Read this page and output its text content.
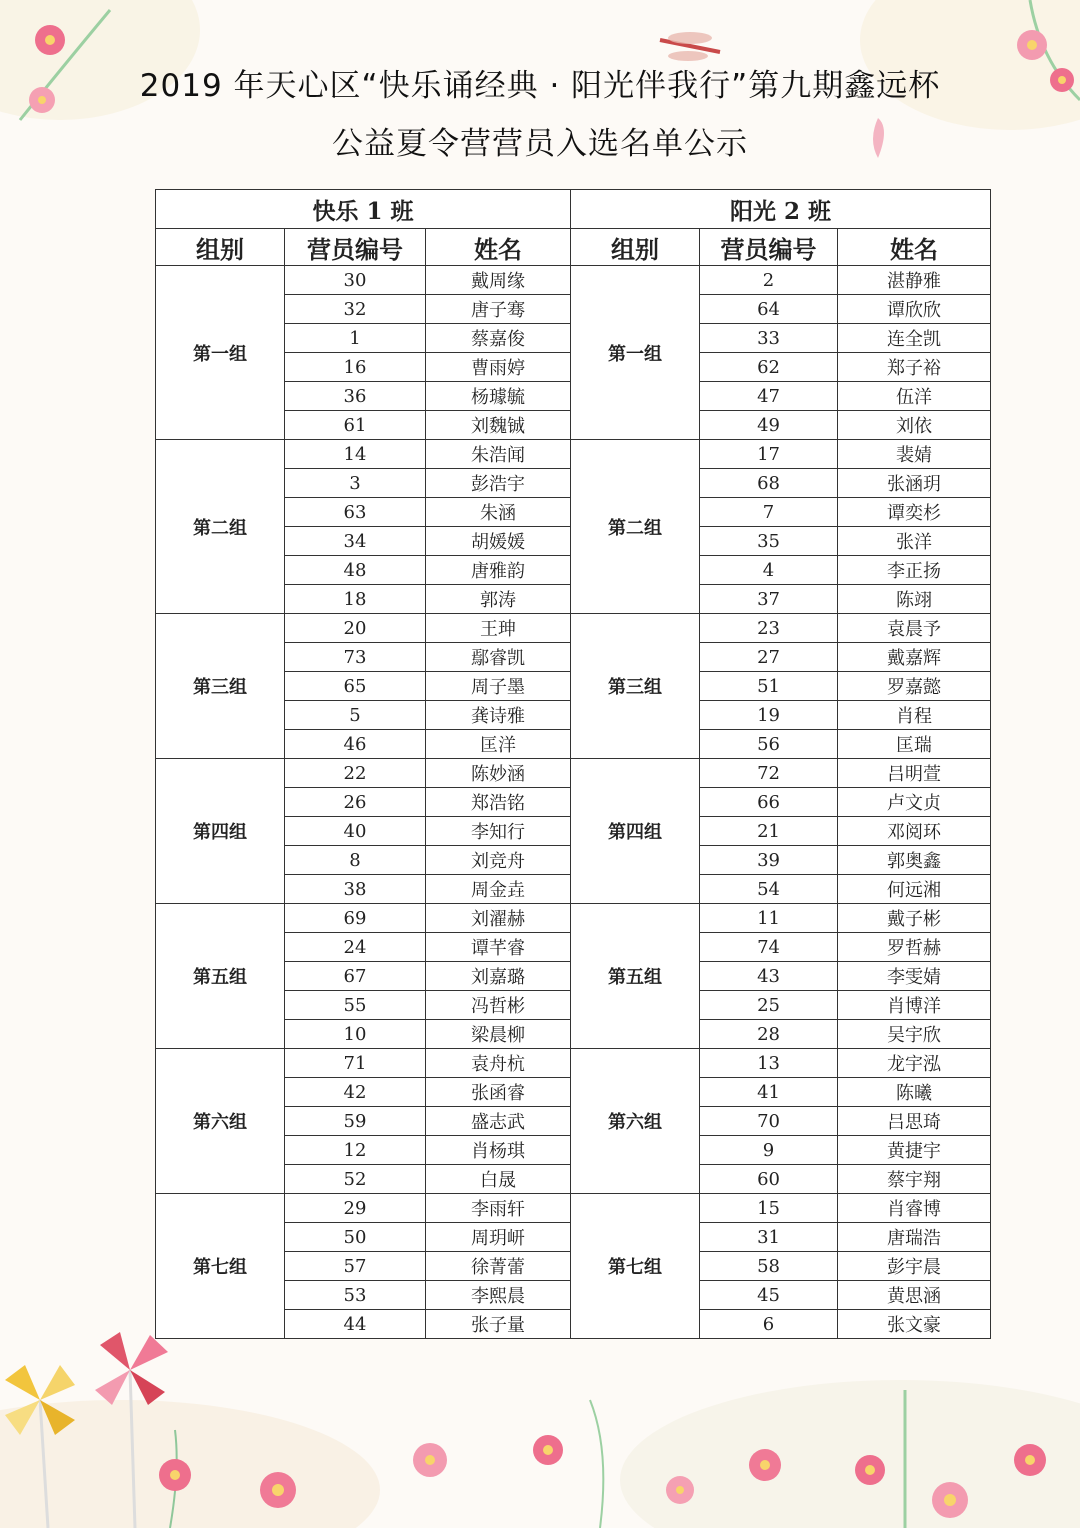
2019 年天心区“快乐诵经典 · 阳光伴我行”第九期鑫远杯
公益夏令营营员入选名单公示
快乐 1 班			阳光 2 班		
组别	营员编号	姓名	组别	营员编号	姓名
第一组	30	戴周缘	第一组	2	湛静雅
	32	唐子骞		64	谭欣欣
	1	蔡嘉俊		33	连全凯
	16	曹雨婷		62	郑子裕
	36	杨璩毓		47	伍洋
	61	刘魏铖		49	刘依
第二组	14	朱浩闻	第二组	17	裴婧
	3	彭浩宇		68	张涵玥
	63	朱涵		7	谭奕杉
	34	胡媛媛		35	张洋
	48	唐雅韵		4	李正扬
	18	郭涛		37	陈翊
第三组	20	王珅	第三组	23	袁晨予
	73	鄢睿凯		27	戴嘉辉
	65	周子墨		51	罗嘉懿
	5	龚诗雅		19	肖程
	46	匡洋		56	匡瑞
第四组	22	陈妙涵	第四组	72	吕明萱
	26	郑浩铭		66	卢文贞
	40	李知行		21	邓阅环
	8	刘竞舟		39	郭奥鑫
	38	周金垚		54	何远湘
第五组	69	刘濯赫	第五组	11	戴子彬
	24	谭芊睿		74	罗哲赫
	67	刘嘉璐		43	李雯婧
	55	冯哲彬		25	肖博洋
	10	梁晨柳		28	吴宇欣
第六组	71	袁舟杭	第六组	13	龙宇泓
	42	张函睿		41	陈曦
	59	盛志武		70	吕思琦
	12	肖杨琪		9	黄捷宇
	52	白晟		60	蔡宇翔
第七组	29	李雨轩	第七组	15	肖睿博
	50	周玥岍		31	唐瑞浩
	57	徐菁蕾		58	彭宇晨
	53	李熙晨		45	黄思涵
	44	张子量		6	张文豪
